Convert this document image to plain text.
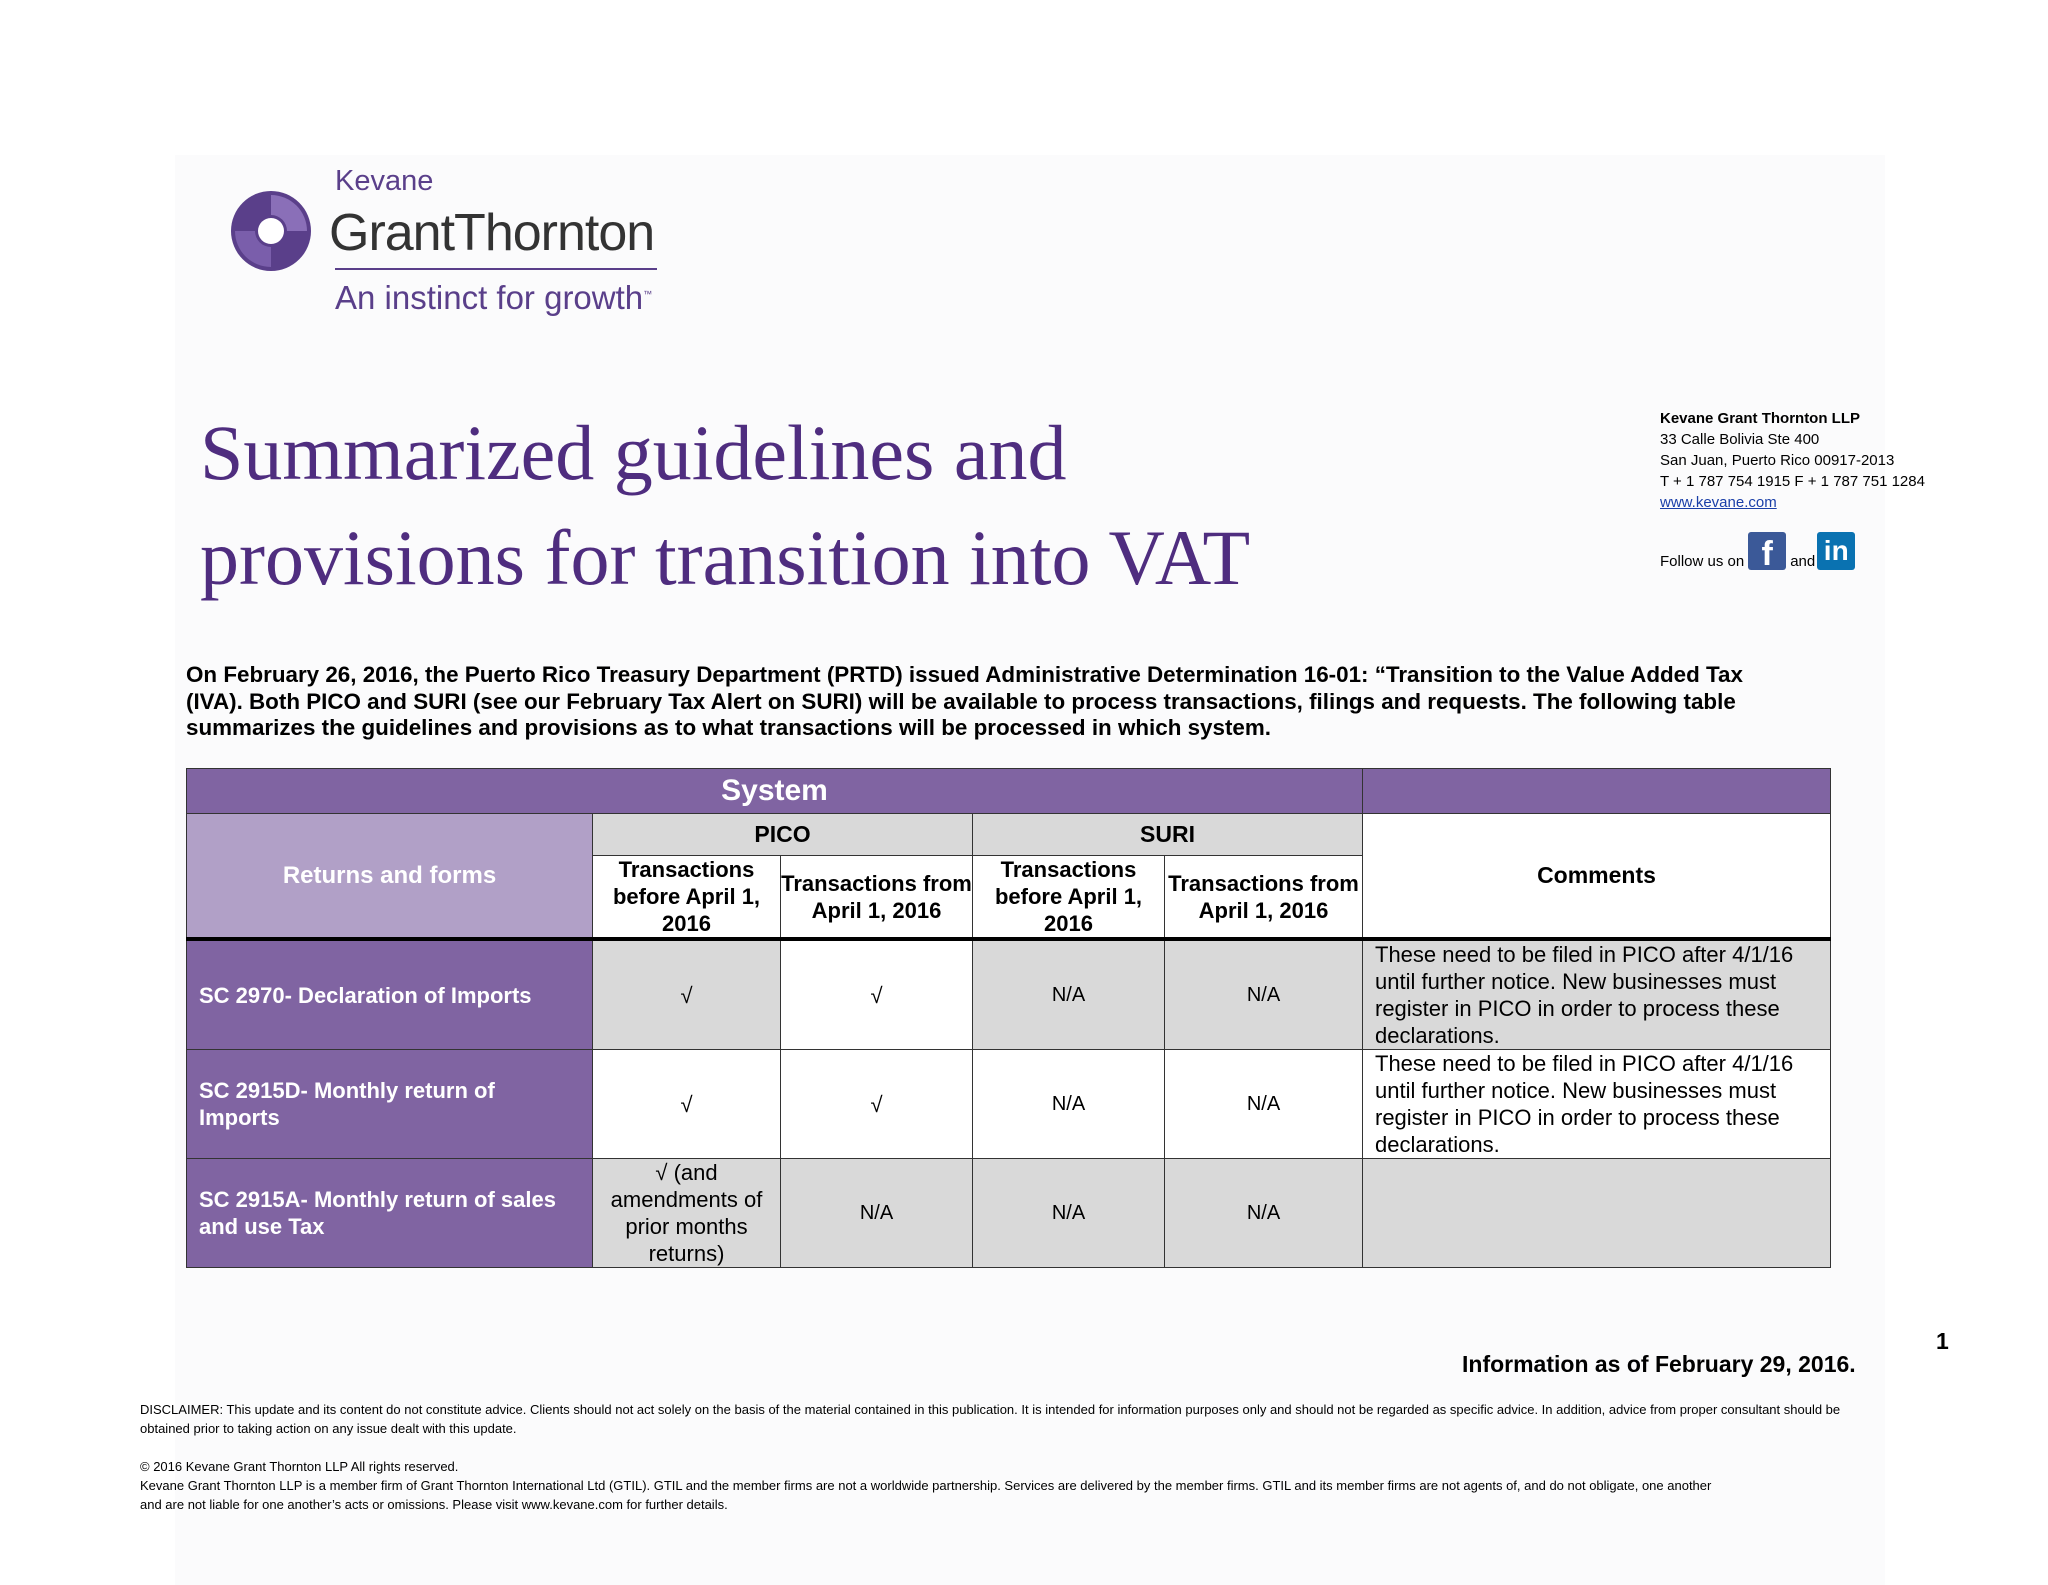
Kevane
GrantThornton
An instinct for growth™
Summarized guidelines and
provisions for transition into VAT
Kevane Grant Thornton LLP
33 Calle Bolivia Ste 400
San Juan, Puerto Rico 00917-2013
T + 1 787 754 1915 F + 1 787 751 1284
www.kevane.com
Follow us on f	and in
On February 26, 2016, the Puerto Rico Treasury Department (PRTD) issued Administrative Determination 16-01: “Transition to the Value Added Tax (IVA). Both PICO and SURI (see our February Tax Alert on SURI) will be available to process transactions, filings and requests. The following table summarizes the guidelines and provisions as to what transactions will be processed in which system.
System					
Returns and forms	PICO		SURI		Comments
	Transactions before April 1, 2016	Transactions from April 1, 2016	Transactions before April 1, 2016	Transactions from April 1, 2016	
SC 2970- Declaration of Imports	√	√	N/A	N/A	These need to be filed in PICO after 4/1/16 until further notice. New businesses must register in PICO in order to process these declarations.
SC 2915D- Monthly return of Imports	√	√	N/A	N/A	These need to be filed in PICO after 4/1/16 until further notice. New businesses must register in PICO in order to process these declarations.
SC 2915A- Monthly return of sales and use Tax	√ (and amendments of prior months returns)	N/A	N/A	N/A	
1
Information as of February 29, 2016.
DISCLAIMER: This update and its content do not constitute advice. Clients should not act solely on the basis of the material contained in this publication. It is intended for information purposes only and should not be regarded as specific advice. In addition, advice from proper consultant should be obtained prior to taking action on any issue dealt with this update.
© 2016 Kevane Grant Thornton LLP All rights reserved.
Kevane Grant Thornton LLP is a member firm of Grant Thornton International Ltd (GTIL). GTIL and the member firms are not a worldwide partnership. Services are delivered by the member firms. GTIL and its member firms are not agents of, and do not obligate, one another
and are not liable for one another’s acts or omissions. Please visit www.kevane.com for further details.
